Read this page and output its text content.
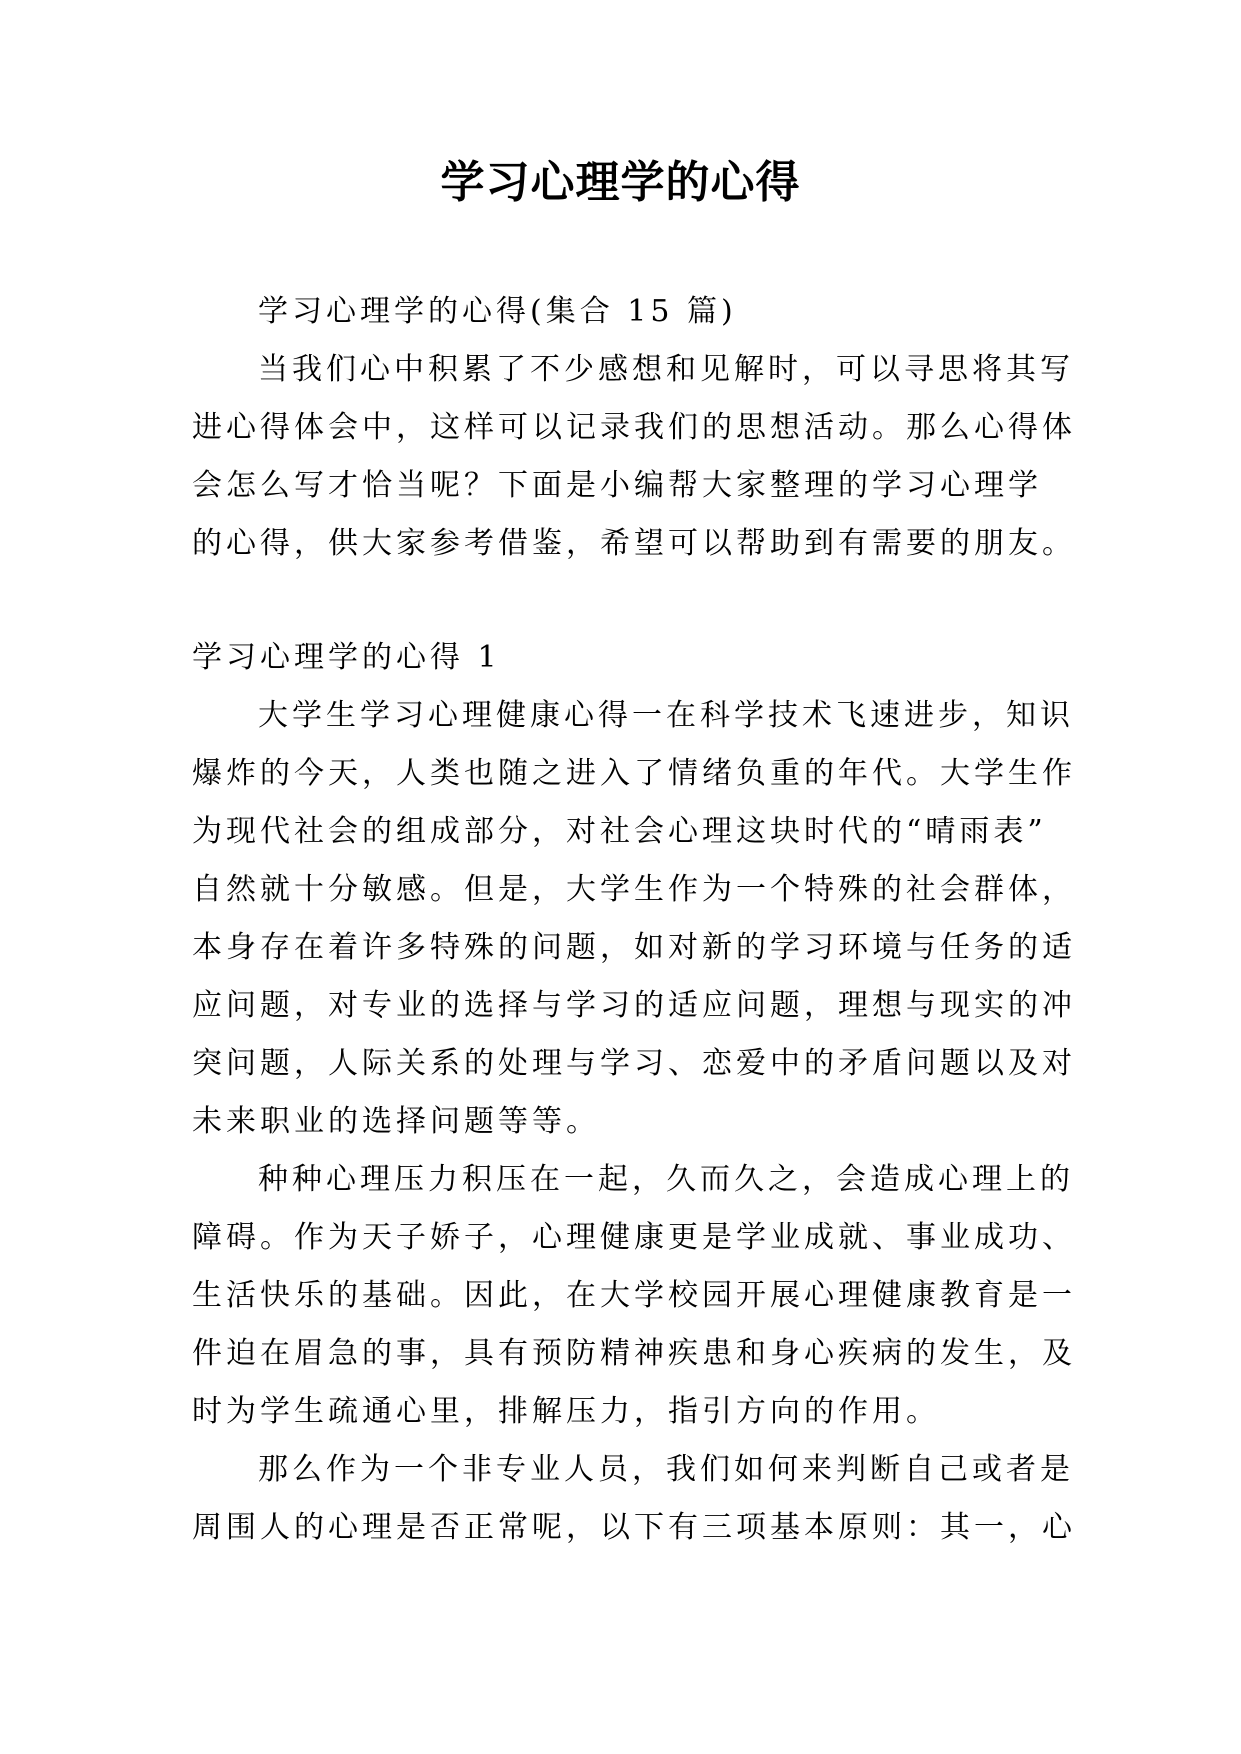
学习心理学的心得
学习心理学的心得(集合 15 篇)
当我们心中积累了不少感想和见解时，可以寻思将其写
进心得体会中，这样可以记录我们的思想活动。那么心得体
会怎么写才恰当呢？下面是小编帮大家整理的学习心理学
的心得，供大家参考借鉴，希望可以帮助到有需要的朋友。
学习心理学的心得 1
大学生学习心理健康心得一在科学技术飞速进步，知识
爆炸的今天，人类也随之进入了情绪负重的年代。大学生作
为现代社会的组成部分，对社会心理这块时代的“晴雨表”
自然就十分敏感。但是，大学生作为一个特殊的社会群体，
本身存在着许多特殊的问题，如对新的学习环境与任务的适
应问题，对专业的选择与学习的适应问题，理想与现实的冲
突问题，人际关系的处理与学习、恋爱中的矛盾问题以及对
未来职业的选择问题等等。
种种心理压力积压在一起，久而久之，会造成心理上的
障碍。作为天子娇子，心理健康更是学业成就、事业成功、
生活快乐的基础。因此，在大学校园开展心理健康教育是一
件迫在眉急的事，具有预防精神疾患和身心疾病的发生，及
时为学生疏通心里，排解压力，指引方向的作用。
那么作为一个非专业人员，我们如何来判断自己或者是
周围人的心理是否正常呢，以下有三项基本原则：其一，心
